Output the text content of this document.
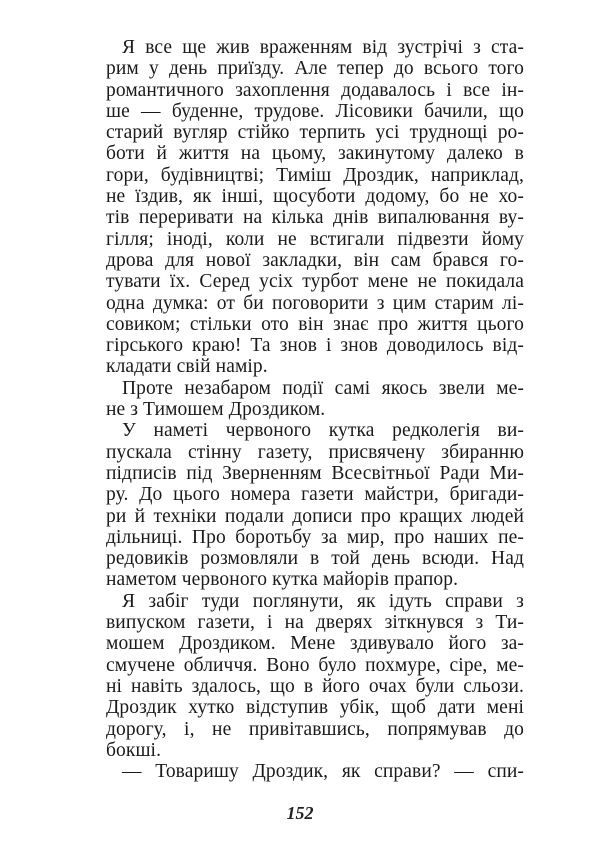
Я все ще жив враженням від зустрічі з ста-
рим у день приїзду. Але тепер до всього того
романтичного захоплення додавалось і все ін-
ше — буденне, трудове. Лісовики бачили, що
старий вугляр стійко терпить усі труднощі ро-
боти й життя на цьому, закинутому далеко в
гори, будівництві; Тиміш Дроздик, наприклад,
не їздив, як інші, щосуботи додому, бо не хо-
тів переривати на кілька днів випалювання ву-
гілля; іноді, коли не встигали підвезти йому
дрова для нової закладки, він сам брався го-
тувати їх. Серед усіх турбот мене не покидала
одна думка: от би поговорити з цим старим лі-
совиком; стільки ото він знає про життя цього
гірського краю! Та знов і знов доводилось від-
кладати свій намір.
Проте незабаром події самі якось звели ме-
не з Тимошем Дроздиком.
У наметі червоного кутка редколегія ви-
пускала стінну газету, присвячену збиранню
підписів під Зверненням Всесвітньої Ради Ми-
ру. До цього номера газети майстри, бригади-
ри й техніки подали дописи про кращих людей
дільниці. Про боротьбу за мир, про наших пе-
редовиків розмовляли в той день всюди. Над
наметом червоного кутка майорів прапор.
Я забіг туди поглянути, як ідуть справи з
випуском газети, і на дверях зіткнувся з Ти-
мошем Дроздиком. Мене здивувало його за-
смучене обличчя. Воно було похмуре, сіре, ме-
ні навіть здалось, що в його очах були сльози.
Дроздик хутко відступив убік, щоб дати мені
дорогу, і, не привітавшись, попрямував до
бокші.
— Товаришу Дроздик, як справи? — спи-
152
